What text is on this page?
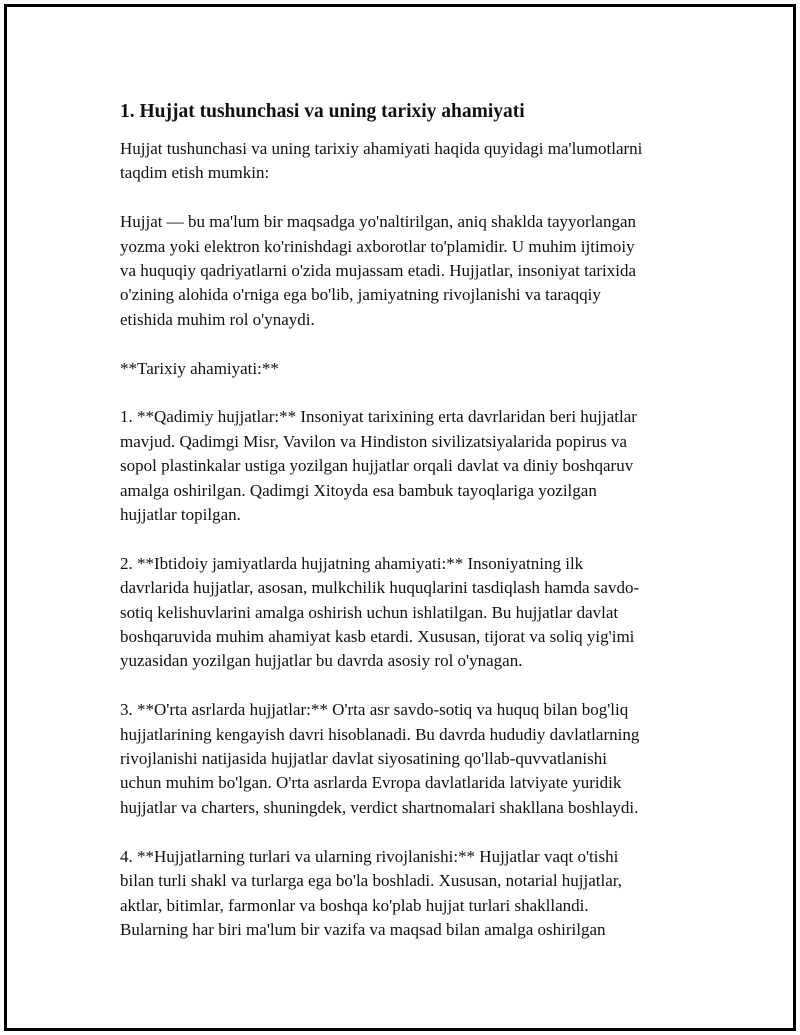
1. Hujjat tushunchasi va uning tarixiy ahamiyati

Hujjat tushunchasi va uning tarixiy ahamiyati haqida quyidagi ma'lumotlarni
taqdim etish mumkin:

Hujjat — bu ma'lum bir maqsadga yo'naltirilgan, aniq shaklda tayyorlangan
yozma yoki elektron ko'rinishdagi axborotlar to'plamidir. U muhim ijtimoiy
va huquqiy qadriyatlarni o'zida mujassam etadi. Hujjatlar, insoniyat tarixida
o'zining alohida o'rniga ega bo'lib, jamiyatning rivojlanishi va taraqqiy
etishida muhim rol o'ynaydi.

**Tarixiy ahamiyati:**

1. **Qadimiy hujjatlar:** Insoniyat tarixining erta davrlaridan beri hujjatlar
mavjud. Qadimgi Misr, Vavilon va Hindiston sivilizatsiyalarida popirus va
sopol plastinkalar ustiga yozilgan hujjatlar orqali davlat va diniy boshqaruv
amalga oshirilgan. Qadimgi Xitoyda esa bambuk tayoqlariga yozilgan
hujjatlar topilgan.

2. **Ibtidoiy jamiyatlarda hujjatning ahamiyati:** Insoniyatning ilk
davrlarida hujjatlar, asosan, mulkchilik huquqlarini tasdiqlash hamda savdo-
sotiq kelishuvlarini amalga oshirish uchun ishlatilgan. Bu hujjatlar davlat
boshqaruvida muhim ahamiyat kasb etardi. Xususan, tijorat va soliq yig'imi
yuzasidan yozilgan hujjatlar bu davrda asosiy rol o'ynagan.

3. **O'rta asrlarda hujjatlar:** O'rta asr savdo-sotiq va huquq bilan bog'liq
hujjatlarining kengayish davri hisoblanadi. Bu davrda hududiy davlatlarning
rivojlanishi natijasida hujjatlar davlat siyosatining qo'llab-quvvatlanishi
uchun muhim bo'lgan. O'rta asrlarda Evropa davlatlarida latviyate yuridik
hujjatlar va charters, shuningdek, verdict shartnomalari shakllana boshlaydi.

4. **Hujjatlarning turlari va ularning rivojlanishi:** Hujjatlar vaqt o'tishi
bilan turli shakl va turlarga ega bo'la boshladi. Xususan, notarial hujjatlar,
aktlar, bitimlar, farmonlar va boshqa ko'plab hujjat turlari shakllandi.
Bularning har biri ma'lum bir vazifa va maqsad bilan amalga oshirilgan
